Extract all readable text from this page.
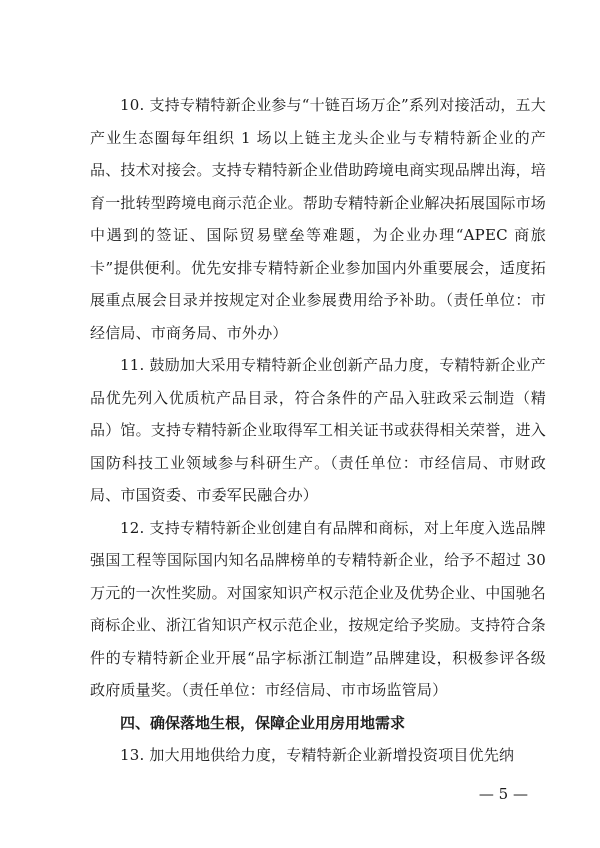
10. 支持专精特新企业参与“十链百场万企”系列对接活动，五大产业生态圈每年组织 1 场以上链主龙头企业与专精特新企业的产品、技术对接会。支持专精特新企业借助跨境电商实现品牌出海，培育一批转型跨境电商示范企业。帮助专精特新企业解决拓展国际市场中遇到的签证、国际贸易壁垒等难题，为企业办理“APEC 商旅卡”提供便利。优先安排专精特新企业参加国内外重要展会，适度拓展重点展会目录并按规定对企业参展费用给予补助。（责任单位：市经信局、市商务局、市外办）

11. 鼓励加大采用专精特新企业创新产品力度，专精特新企业产品优先列入优质杭产品目录，符合条件的产品入驻政采云制造（精品）馆。支持专精特新企业取得军工相关证书或获得相关荣誉，进入国防科技工业领域参与科研生产。（责任单位：市经信局、市财政局、市国资委、市委军民融合办）

12. 支持专精特新企业创建自有品牌和商标，对上年度入选品牌强国工程等国际国内知名品牌榜单的专精特新企业，给予不超过 30 万元的一次性奖励。对国家知识产权示范企业及优势企业、中国驰名商标企业、浙江省知识产权示范企业，按规定给予奖励。支持符合条件的专精特新企业开展“品字标浙江制造”品牌建设，积极参评各级政府质量奖。（责任单位：市经信局、市市场监管局）

四、确保落地生根，保障企业用房用地需求

13. 加大用地供给力度，专精特新企业新增投资项目优先纳

— 5 —
